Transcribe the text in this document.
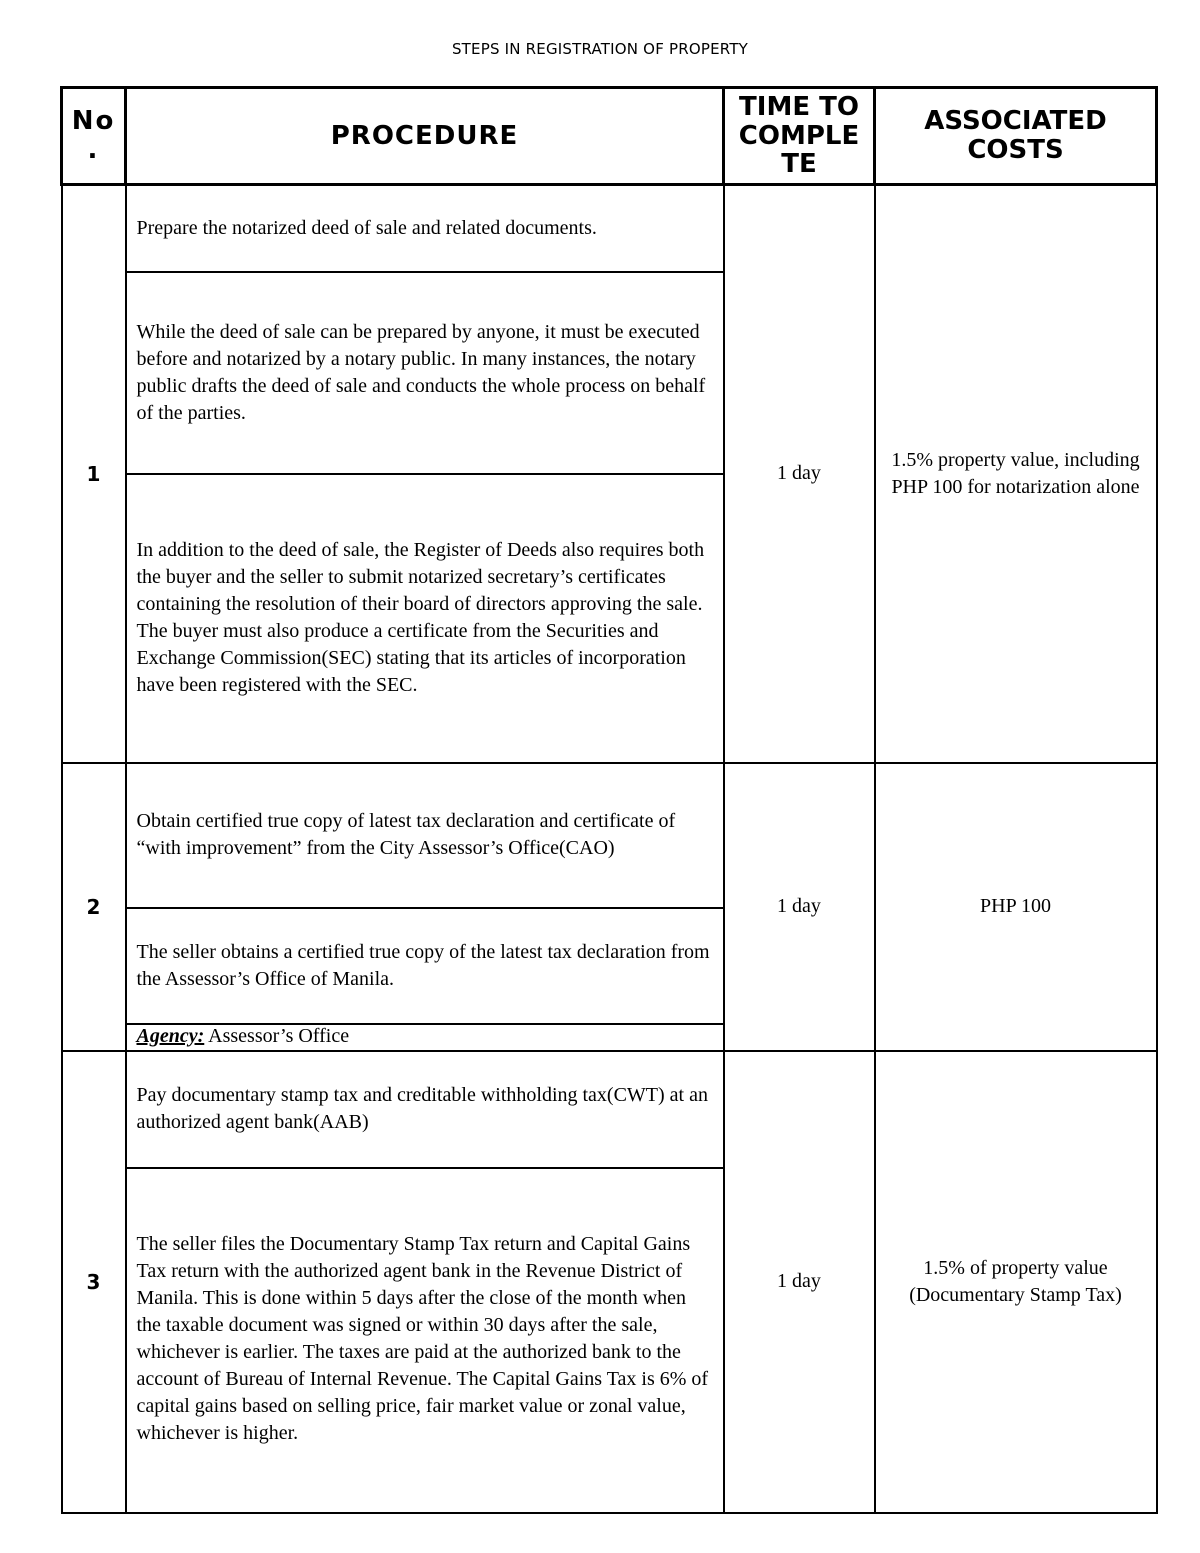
STEPS IN REGISTRATION OF PROPERTY
No .	PROCEDURE	TIME TO COMPLE TE	ASSOCIATED COSTS
1	Prepare the notarized deed of sale and related documents.
While the deed of sale can be prepared by anyone, it must be executed before and notarized by a notary public. In many instances, the notary public drafts the deed of sale and conducts the whole process on behalf of the parties.
In addition to the deed of sale, the Register of Deeds also requires both the buyer and the seller to submit notarized secretary’s certificates containing the resolution of their board of directors approving the sale. The buyer must also produce a certificate from the Securities and Exchange Commission(SEC) stating that its articles of incorporation have been registered with the SEC.	1 day	1.5% property value, including PHP 100 for notarization alone
2	Obtain certified true copy of latest tax declaration and certificate of “with improvement” from the City Assessor’s Office(CAO)
The seller obtains a certified true copy of the latest tax declaration from the Assessor’s Office of Manila.
Agency: Assessor’s Office	1 day	PHP 100
3	Pay documentary stamp tax and creditable withholding tax(CWT) at an authorized agent bank(AAB)
The seller files the Documentary Stamp Tax return and Capital Gains Tax return with the authorized agent bank in the Revenue District of Manila. This is done within 5 days after the close of the month when the taxable document was signed or within 30 days after the sale, whichever is earlier. The taxes are paid at the authorized bank to the account of Bureau of Internal Revenue. The Capital Gains Tax is 6% of capital gains based on selling price, fair market value or zonal value, whichever is higher.	1 day	1.5% of property value (Documentary Stamp Tax)
